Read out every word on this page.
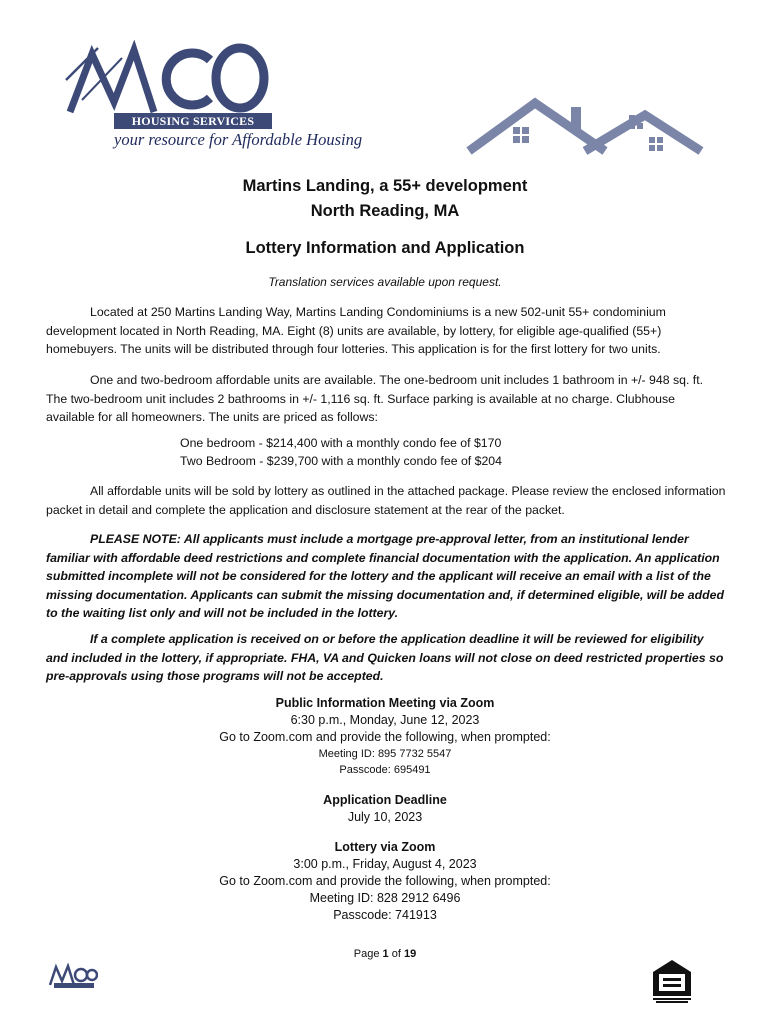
HOUSING SERVICES
your resource for Affordable Housing
Martins Landing, a 55+ development
North Reading, MA
Lottery Information and Application
Translation services available upon request.
Located at 250 Martins Landing Way, Martins Landing Condominiums is a new 502-unit 55+ condominium development located in North Reading, MA. Eight (8) units are available, by lottery, for eligible age-qualified (55+) homebuyers. The units will be distributed through four lotteries. This application is for the first lottery for two units.
One and two-bedroom affordable units are available. The one-bedroom unit includes 1 bathroom in +/- 948 sq. ft. The two-bedroom unit includes 2 bathrooms in +/- 1,116 sq. ft. Surface parking is available at no charge. Clubhouse available for all homeowners. The units are priced as follows:
One bedroom - $214,400 with a monthly condo fee of $170
Two Bedroom - $239,700 with a monthly condo fee of $204
All affordable units will be sold by lottery as outlined in the attached package. Please review the enclosed information packet in detail and complete the application and disclosure statement at the rear of the packet.
PLEASE NOTE: All applicants must include a mortgage pre-approval letter, from an institutional lender familiar with affordable deed restrictions and complete financial documentation with the application. An application submitted incomplete will not be considered for the lottery and the applicant will receive an email with a list of the missing documentation. Applicants can submit the missing documentation and, if determined eligible, will be added to the waiting list only and will not be included in the lottery.
If a complete application is received on or before the application deadline it will be reviewed for eligibility and included in the lottery, if appropriate. FHA, VA and Quicken loans will not close on deed restricted properties so pre-approvals using those programs will not be accepted.
Public Information Meeting via Zoom
6:30 p.m., Monday, June 12, 2023
Go to Zoom.com and provide the following, when prompted:
Meeting ID: 895 7732 5547
Passcode: 695491
Application Deadline
July 10, 2023
Lottery via Zoom
3:00 p.m., Friday, August 4, 2023
Go to Zoom.com and provide the following, when prompted:
Meeting ID: 828 2912 6496
Passcode: 741913
Page 1 of 19
